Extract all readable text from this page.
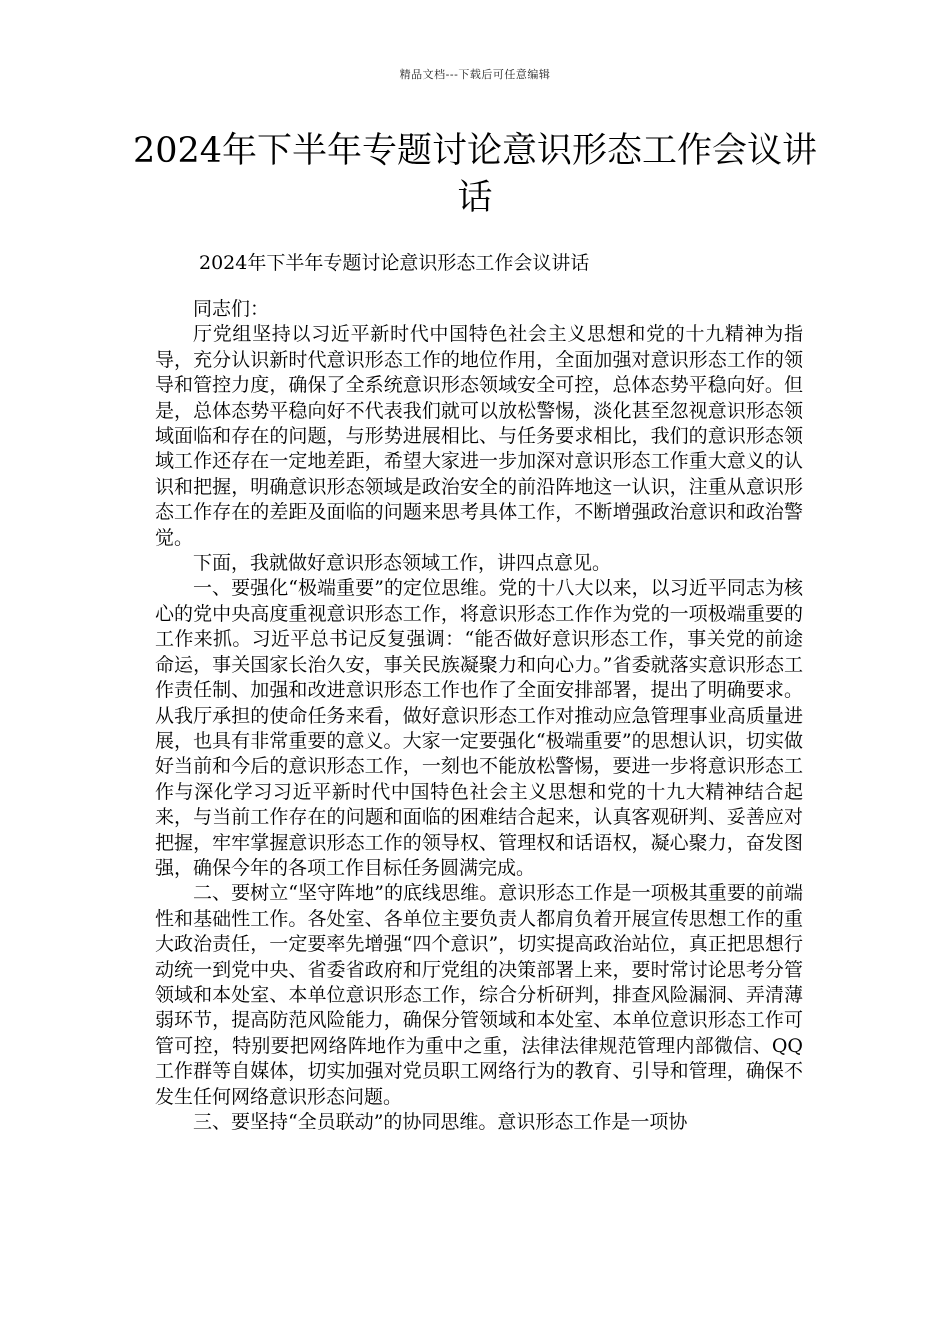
精品文档---下载后可任意编辑
2024年下半年专题讨论意识形态工作会议讲话
2024年下半年专题讨论意识形态工作会议讲话

同志们：

厅党组坚持以习近平新时代中国特色社会主义思想和党的十九精神为指导，充分认识新时代意识形态工作的地位作用，全面加强对意识形态工作的领导和管控力度，确保了全系统意识形态领域安全可控，总体态势平稳向好。但是，总体态势平稳向好不代表我们就可以放松警惕，淡化甚至忽视意识形态领域面临和存在的问题，与形势进展相比、与任务要求相比，我们的意识形态领域工作还存在一定地差距，希望大家进一步加深对意识形态工作重大意义的认识和把握，明确意识形态领域是政治安全的前沿阵地这一认识，注重从意识形态工作存在的差距及面临的问题来思考具体工作，不断增强政治意识和政治警觉。

下面，我就做好意识形态领域工作，讲四点意见。

一、要强化“极端重要”的定位思维。党的十八大以来，以习近平同志为核心的党中央高度重视意识形态工作，将意识形态工作作为党的一项极端重要的工作来抓。习近平总书记反复强调：“能否做好意识形态工作，事关党的前途命运，事关国家长治久安，事关民族凝聚力和向心力。”省委就落实意识形态工作责任制、加强和改进意识形态工作也作了全面安排部署，提出了明确要求。从我厅承担的使命任务来看，做好意识形态工作对推动应急管理事业高质量进展，也具有非常重要的意义。大家一定要强化“极端重要”的思想认识，切实做好当前和今后的意识形态工作，一刻也不能放松警惕，要进一步将意识形态工作与深化学习习近平新时代中国特色社会主义思想和党的十九大精神结合起来，与当前工作存在的问题和面临的困难结合起来，认真客观研判、妥善应对把握，牢牢掌握意识形态工作的领导权、管理权和话语权，凝心聚力，奋发图强，确保今年的各项工作目标任务圆满完成。

二、要树立“坚守阵地”的底线思维。意识形态工作是一项极其重要的前端性和基础性工作。各处室、各单位主要负责人都肩负着开展宣传思想工作的重大政治责任，一定要率先增强“四个意识”，切实提高政治站位，真正把思想行动统一到党中央、省委省政府和厅党组的决策部署上来，要时常讨论思考分管领域和本处室、本单位意识形态工作，综合分析研判，排查风险漏洞、弄清薄弱环节，提高防范风险能力，确保分管领域和本处室、本单位意识形态工作可管可控，特别要把网络阵地作为重中之重，法律法律规范管理内部微信、QQ工作群等自媒体，切实加强对党员职工网络行为的教育、引导和管理，确保不发生任何网络意识形态问题。

三、要坚持“全员联动”的协同思维。意识形态工作是一项协
